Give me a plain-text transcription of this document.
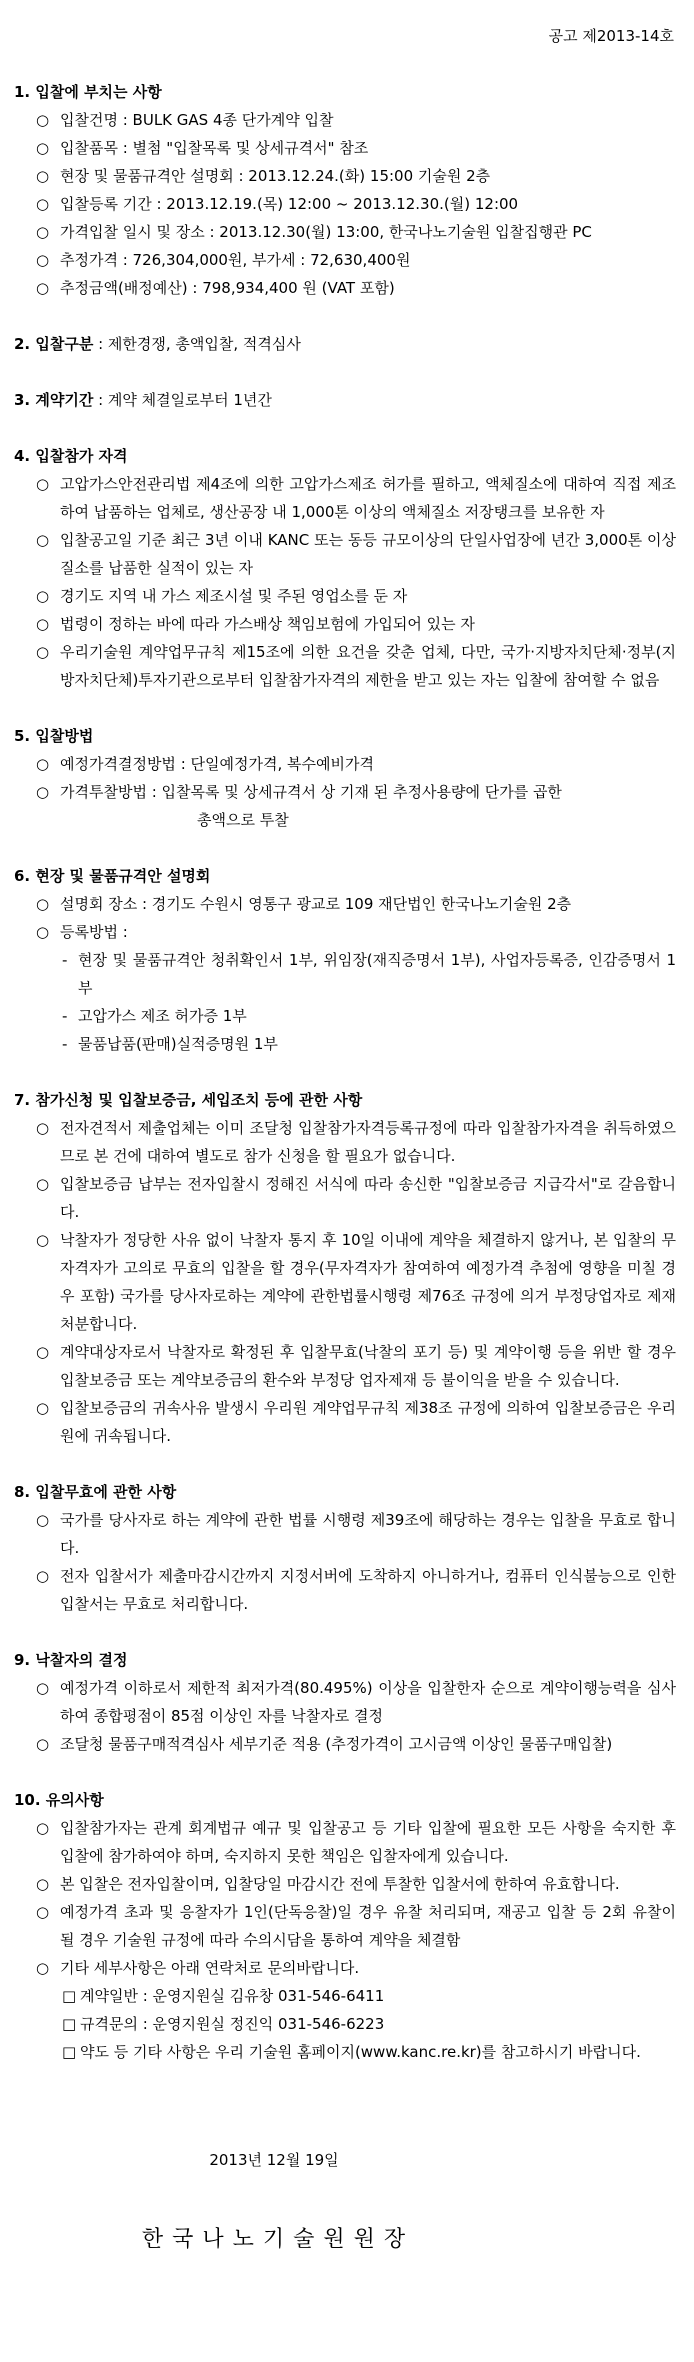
공고 제2013-14호
1. 입찰에 부치는 사항
○ 입찰건명 : BULK GAS 4종 단가계약 입찰
○ 입찰품목 : 별첨 "입찰목록 및 상세규격서" 참조
○ 현장 및 물품규격안 설명회 : 2013.12.24.(화) 15:00 기술원 2층
○ 입찰등록 기간 : 2013.12.19.(목) 12:00 ~ 2013.12.30.(월) 12:00
○ 가격입찰 일시 및 장소 : 2013.12.30(월) 13:00, 한국나노기술원 입찰집행관 PC
○ 추정가격 : 726,304,000원, 부가세 : 72,630,400원
○ 추정금액(배정예산) : 798,934,400 원 (VAT 포함)
2. 입찰구분 : 제한경쟁, 총액입찰, 적격심사
3. 계약기간 : 계약 체결일로부터 1년간
4. 입찰참가 자격
○ 고압가스안전관리법 제4조에 의한 고압가스제조 허가를 필하고, 액체질소에 대하여 직접 제조하여 납품하는 업체로, 생산공장 내 1,000톤 이상의 액체질소 저장탱크를 보유한 자
○ 입찰공고일 기준 최근 3년 이내 KANC 또는 동등 규모이상의 단일사업장에 년간 3,000톤 이상 질소를 납품한 실적이 있는 자
○ 경기도 지역 내 가스 제조시설 및 주된 영업소를 둔 자
○ 법령이 정하는 바에 따라 가스배상 책임보험에 가입되어 있는 자
○ 우리기술원 계약업무규칙 제15조에 의한 요건을 갖춘 업체, 다만, 국가·지방자치단체·정부(지방자치단체)투자기관으로부터 입찰참가자격의 제한을 받고 있는 자는 입찰에 참여할 수 없음
5. 입찰방법
○ 예정가격결정방법 : 단일예정가격, 복수예비가격
○ 가격투찰방법 : 입찰목록 및 상세규격서 상 기재 된 추정사용량에 단가를 곱한
총액으로 투찰
6. 현장 및 물품규격안 설명회
○ 설명회 장소 : 경기도 수원시 영통구 광교로 109 재단법인 한국나노기술원 2층
○ 등록방법 :
- 현장 및 물품규격안 청취확인서 1부, 위임장(재직증명서 1부), 사업자등록증, 인감증명서 1부
- 고압가스 제조 허가증 1부
- 물품납품(판매)실적증명원 1부
7. 참가신청 및 입찰보증금, 세입조치 등에 관한 사항
○ 전자견적서 제출업체는 이미 조달청 입찰참가자격등록규정에 따라 입찰참가자격을 취득하였으므로 본 건에 대하여 별도로 참가 신청을 할 필요가 없습니다.
○ 입찰보증금 납부는 전자입찰시 정해진 서식에 따라 송신한 "입찰보증금 지급각서"로 갈음합니다.
○ 낙찰자가 정당한 사유 없이 낙찰자 통지 후 10일 이내에 계약을 체결하지 않거나, 본 입찰의 무자격자가 고의로 무효의 입찰을 할 경우(무자격자가 참여하여 예정가격 추첨에 영향을 미칠 경우 포함) 국가를 당사자로하는 계약에 관한법률시행령 제76조 규정에 의거 부정당업자로 제재 처분합니다.
○ 계약대상자로서 낙찰자로 확정된 후 입찰무효(낙찰의 포기 등) 및 계약이행 등을 위반 할 경우 입찰보증금 또는 계약보증금의 환수와 부정당 업자제재 등 불이익을 받을 수 있습니다.
○ 입찰보증금의 귀속사유 발생시 우리원 계약업무규칙 제38조 규정에 의하여 입찰보증금은 우리원에 귀속됩니다.
8. 입찰무효에 관한 사항
○ 국가를 당사자로 하는 계약에 관한 법률 시행령 제39조에 해당하는 경우는 입찰을 무효로 합니다.
○ 전자 입찰서가 제출마감시간까지 지정서버에 도착하지 아니하거나, 컴퓨터 인식불능으로 인한 입찰서는 무효로 처리합니다.
9. 낙찰자의 결정
○ 예정가격 이하로서 제한적 최저가격(80.495%) 이상을 입찰한자 순으로 계약이행능력을 심사하여 종합평점이 85점 이상인 자를 낙찰자로 결정
○ 조달청 물품구매적격심사 세부기준 적용 (추정가격이 고시금액 이상인 물품구매입찰)
10. 유의사항
○ 입찰참가자는 관계 회계법규 예규 및 입찰공고 등 기타 입찰에 필요한 모든 사항을 숙지한 후 입찰에 참가하여야 하며, 숙지하지 못한 책임은 입찰자에게 있습니다.
○ 본 입찰은 전자입찰이며, 입찰당일 마감시간 전에 투찰한 입찰서에 한하여 유효합니다.
○ 예정가격 초과 및 응찰자가 1인(단독응찰)일 경우 유찰 처리되며, 재공고 입찰 등 2회 유찰이 될 경우 기술원 규정에 따라 수의시담을 통하여 계약을 체결함
○ 기타 세부사항은 아래 연락처로 문의바랍니다.
□ 계약일반 : 운영지원실 김유창 031-546-6411
□ 규격문의 : 운영지원실 정진익 031-546-6223
□ 약도 등 기타 사항은 우리 기술원 홈페이지(www.kanc.re.kr)를 참고하시기 바랍니다.
2013년 12월 19일
한 국 나 노 기 술 원 원 장
